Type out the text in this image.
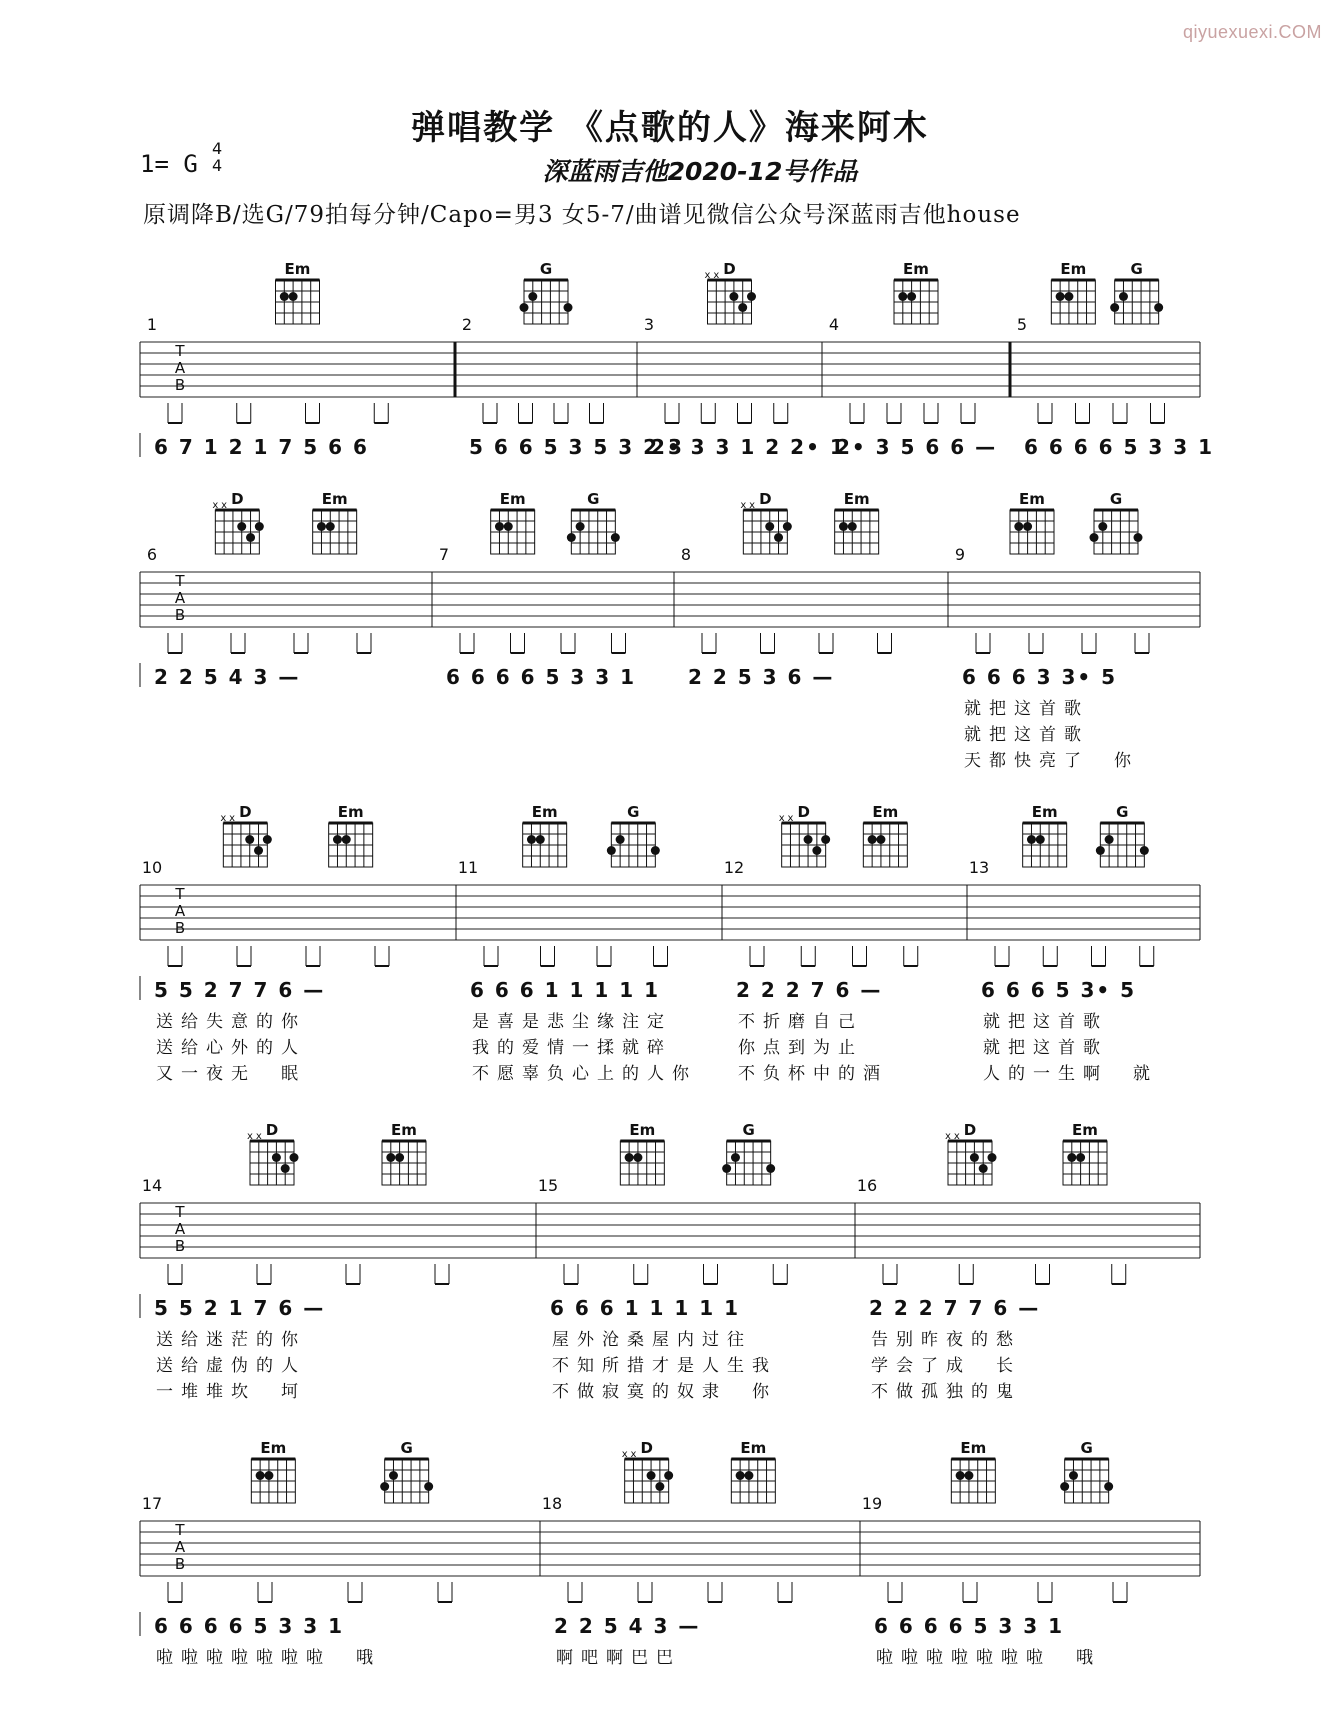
qiyuexuexi.COM
弹唱教学 《点歌的人》海来阿木
1= G
4
4	深蓝雨吉他2020-12号作品
原调降B/选G/79拍每分钟/Capo=男3 女5-7/曲谱见微信公众号深蓝雨吉他house
1
6 7 1 2 1 7 5 6 6
2
5 6 6 5 3 5 3 2 3
3
2• 3 3 1 2 2• 1
4
2• 3 5 6 6 —
5
6 6 6 6 5 3 3 1
T
A
B
Em	G	D
x x	Em	Em	G
6
2 2 5 4 3 —
7
6 6 6 6 5 3 3 1
8
2 2 5 3 6 —
9
6 6 6 3 3• 5
就把这首歌
就把这首歌
天都快亮了　你
T
A
B
D
x x	Em	Em	G	D
x x	Em	Em	G
10
5 5 2 7 7 6 —
送给失意的你
送给心外的人
又一夜无　眠
11
6 6 6 1 1 1 1 1
是喜是悲尘缘注定
我的爱情一揉就碎
不愿辜负心上的人你
12
2 2 2 7 6 —
不折磨自己
你点到为止
不负杯中的酒
13
6 6 6 5 3• 5
就把这首歌
就把这首歌
人的一生啊　就
T
A
B
D
x x	Em	Em	G	D
x x	Em	Em	G
14
5 5 2 1 7 6 —
送给迷茫的你
送给虚伪的人
一堆堆坎　坷
15
6 6 6 1 1 1 1 1
屋外沧桑屋内过往
不知所措才是人生我
不做寂寞的奴隶　你
16
2 2 2 7 7 6 —
告别昨夜的愁
学会了成　长
不做孤独的鬼
T
A
B
D
x x	Em	Em	G	D
x x	Em
17
6 6 6 6 5 3 3 1
啦啦啦啦啦啦啦　哦
18
2 2 5 4 3 —
啊吧啊巴巴
19
6 6 6 6 5 3 3 1
啦啦啦啦啦啦啦　哦
T
A
B
Em	G	D
x x	Em	Em	G
